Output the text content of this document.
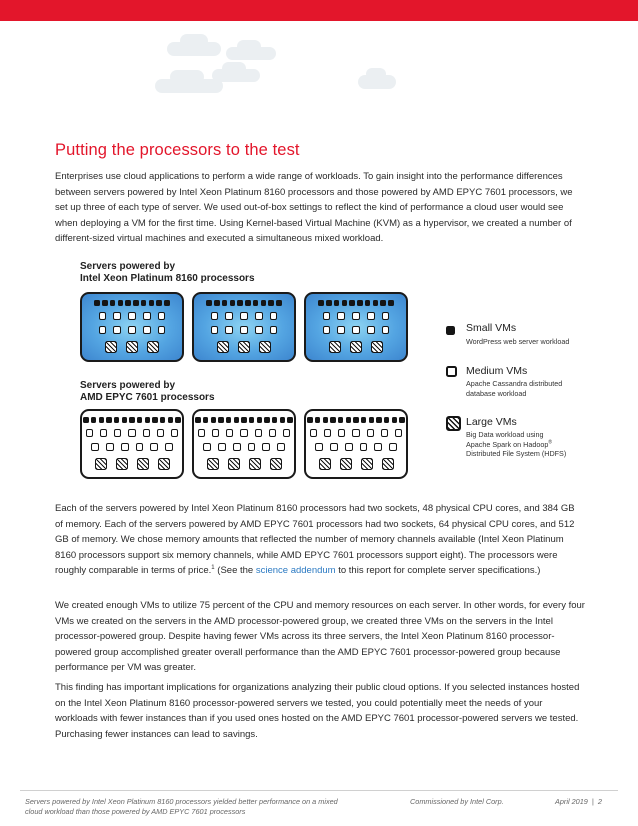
Putting the processors to the test

Enterprises use cloud applications to perform a wide range of workloads. To gain insight into the performance differences between servers powered by Intel Xeon Platinum 8160 processors and those powered by AMD EPYC 7601 processors, we set up three of each type of server. We used out-of-box settings to reflect the kind of performance a cloud user would see when deploying a VM for the first time. Using Kernel-based Virtual Machine (KVM) as a hypervisor, we created a number of different-sized virtual machines and executed a simultaneous mixed workload.

Servers powered by
Intel Xeon Platinum 8160 processors
Servers powered by
AMD EPYC 7601 processors
Small VMs
WordPress web server workload
Medium VMs
Apache Cassandra distributed database workload
Large VMs
Big Data workload using
Apache Spark on Hadoop®
Distributed File System (HDFS)

Each of the servers powered by Intel Xeon Platinum 8160 processors had two sockets, 48 physical CPU cores, and 384 GB of memory. Each of the servers powered by AMD EPYC 7601 processors had two sockets, 64 physical CPU cores, and 512 GB of memory. We chose memory amounts that reflected the number of memory channels available (Intel Xeon Platinum 8160 processors support six memory channels, while AMD EPYC 7601 processors support eight). The processors were roughly comparable in terms of price.$^1$ (See the science addendum to this report for complete server specifications.)

We created enough VMs to utilize 75 percent of the CPU and memory resources on each server. In other words, for every four VMs we created on the servers in the AMD processor-powered group, we created three VMs on the servers in the Intel processor-powered group. Despite having fewer VMs across its three servers, the Intel Xeon Platinum 8160 processor-powered group accomplished greater overall performance than the AMD EPYC 7601 processor-powered group because performance per VM was greater.

This finding has important implications for organizations analyzing their public cloud options. If you selected instances hosted on the Intel Xeon Platinum 8160 processor-powered servers we tested, you could potentially meet the needs of your workloads with fewer instances than if you used ones hosted on the AMD EPYC 7601 processor-powered servers we tested. Purchasing fewer instances can lead to savings.

Servers powered by Intel Xeon Platinum 8160 processors yielded better performance on a mixed
cloud workload than those powered by AMD EPYC 7601 processors
Commissioned by Intel Corp.	April 2019  |  2
